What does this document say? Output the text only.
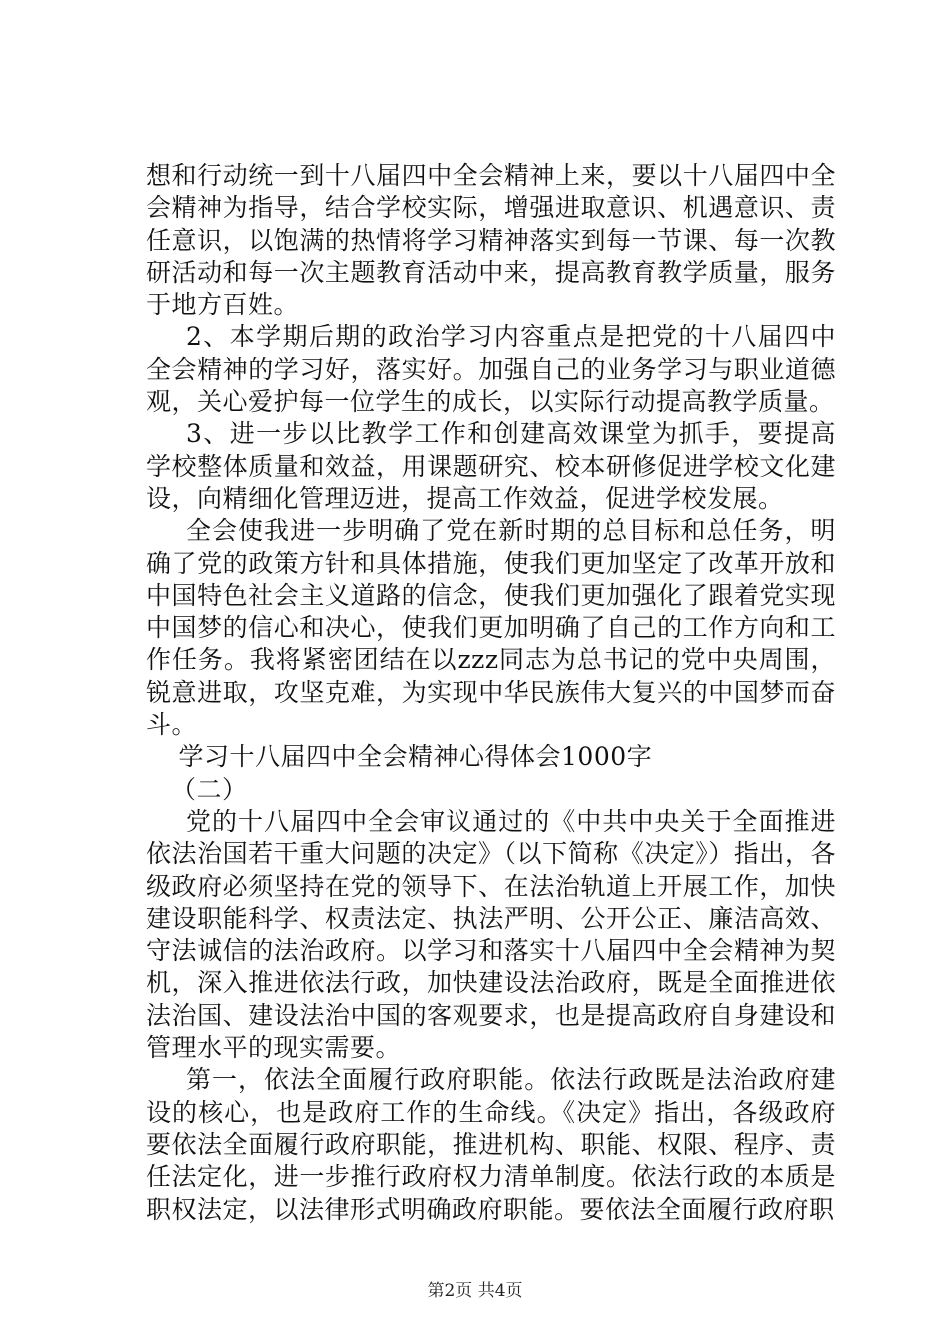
想和行动统一到十八届四中全会精神上来，要以十八届四中全会精神为指导，结合学校实际，增强进取意识、机遇意识、责任意识，以饱满的热情将学习精神落实到每一节课、每一次教研活动和每一次主题教育活动中来，提高教育教学质量，服务于地方百姓。

2、本学期后期的政治学习内容重点是把党的十八届四中全会精神的学习好，落实好。加强自己的业务学习与职业道德观，关心爱护每一位学生的成长，以实际行动提高教学质量。

3、进一步以比教学工作和创建高效课堂为抓手，要提高学校整体质量和效益，用课题研究、校本研修促进学校文化建设，向精细化管理迈进，提高工作效益，促进学校发展。

全会使我进一步明确了党在新时期的总目标和总任务，明确了党的政策方针和具体措施，使我们更加坚定了改革开放和中国特色社会主义道路的信念，使我们更加强化了跟着党实现中国梦的信心和决心，使我们更加明确了自己的工作方向和工作任务。我将紧密团结在以zzz同志为总书记的党中央周围，锐意进取，攻坚克难，为实现中华民族伟大复兴的中国梦而奋斗。

学习十八届四中全会精神心得体会1000字

（二）

党的十八届四中全会审议通过的《中共中央关于全面推进依法治国若干重大问题的决定》（以下简称《决定》）指出，各级政府必须坚持在党的领导下、在法治轨道上开展工作，加快建设职能科学、权责法定、执法严明、公开公正、廉洁高效、守法诚信的法治政府。以学习和落实十八届四中全会精神为契机，深入推进依法行政，加快建设法治政府，既是全面推进依法治国、建设法治中国的客观要求，也是提高政府自身建设和管理水平的现实需要。

第一，依法全面履行政府职能。依法行政既是法治政府建设的核心，也是政府工作的生命线。《决定》指出，各级政府要依法全面履行政府职能，推进机构、职能、权限、程序、责任法定化，进一步推行政府权力清单制度。依法行政的本质是职权法定，以法律形式明确政府职能。要依法全面履行政府职

第2页 共4页
